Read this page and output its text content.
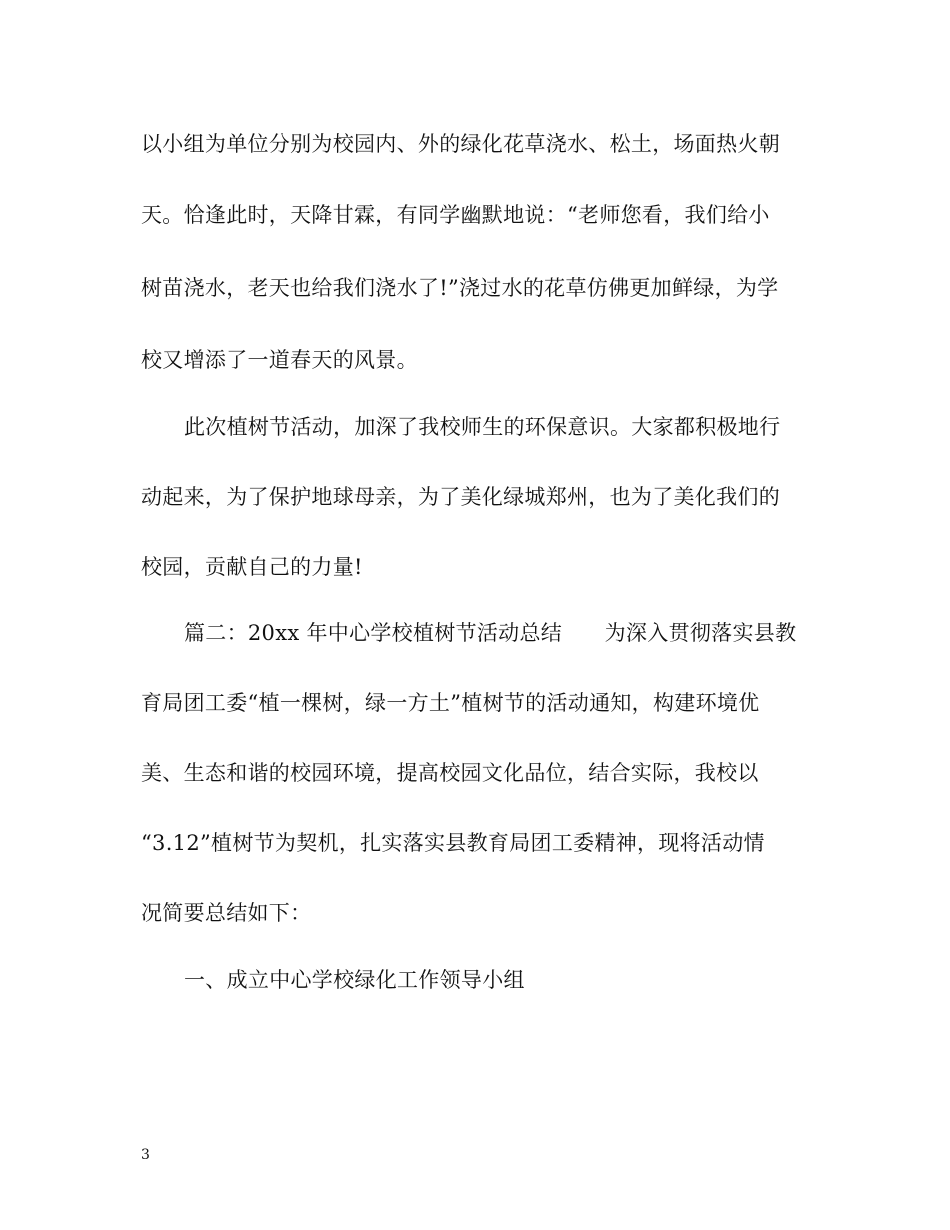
以小组为单位分别为校园内、外的绿化花草浇水、松土，场面热火朝
天。恰逢此时，天降甘霖，有同学幽默地说：“老师您看，我们给小
树苗浇水，老天也给我们浇水了!”浇过水的花草仿佛更加鲜绿，为学
校又增添了一道春天的风景。
此次植树节活动，加深了我校师生的环保意识。大家都积极地行
动起来，为了保护地球母亲，为了美化绿城郑州，也为了美化我们的
校园，贡献自己的力量!
篇二：20xx 年中心学校植树节活动总结　　为深入贯彻落实县教
育局团工委“植一棵树，绿一方土”植树节的活动通知，构建环境优
美、生态和谐的校园环境，提高校园文化品位，结合实际，我校以
“3.12”植树节为契机，扎实落实县教育局团工委精神，现将活动情
况简要总结如下：
一、成立中心学校绿化工作领导小组
3
